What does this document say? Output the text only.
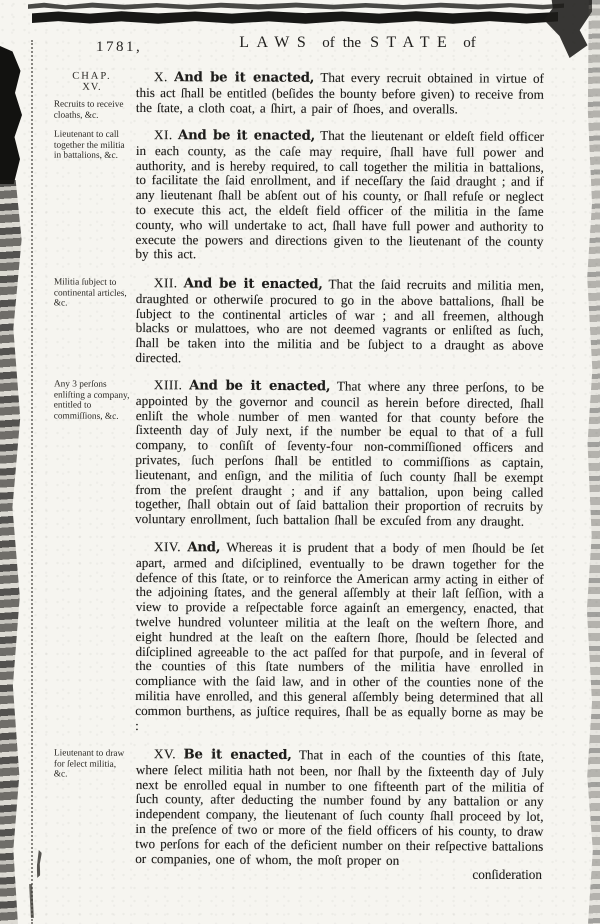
1781,	LAWS of the STATE of

CHAP.
XV.
Recruits to receive cloaths, &c.
X. And be it enacted, That every recruit obtained in virtue of this act ſhall be entitled (beſides the bounty before given) to receive from the ſtate, a cloth coat, a ſhirt, a pair of ſhoes, and overalls.

Lieutenant to call together the militia in battalions, &c.
XI. And be it enacted, That the lieutenant or eldeſt field officer in each county, as the caſe may require, ſhall have full power and authority, and is hereby required, to call together the militia in battalions, to facilitate the ſaid enrollment, and if neceſſary the ſaid draught ; and if any lieutenant ſhall be abſent out of his county, or ſhall refuſe or neglect to execute this act, the eldeſt field officer of the militia in the ſame county, who will undertake to act, ſhall have full power and authority to execute the powers and directions given to the lieutenant of the county by this act.

Militia ſubject to continental articles, &c.
XII. And be it enacted, That the ſaid recruits and militia men, draughted or otherwiſe procured to go in the above battalions, ſhall be ſubject to the continental articles of war ; and all freemen, although blacks or mulattoes, who are not deemed vagrants or enliſted as ſuch, ſhall be taken into the militia and be ſubject to a draught as above directed.

Any 3 perſons enliſting a company, entitled to commiſſions, &c.
XIII. And be it enacted, That where any three perſons, to be appointed by the governor and council as herein before directed, ſhall enliſt the whole number of men wanted for that county before the ſixteenth day of July next, if the number be equal to that of a full company, to conſiſt of ſeventy-four non-commiſſioned officers and privates, ſuch perſons ſhall be entitled to commiſſions as captain, lieutenant, and enſign, and the militia of ſuch county ſhall be exempt from the preſent draught ; and if any battalion, upon being called together, ſhall obtain out of ſaid battalion their proportion of recruits by voluntary enrollment, ſuch battalion ſhall be excuſed from any draught.

XIV. And, Whereas it is prudent that a body of men ſhould be ſet apart, armed and diſciplined, eventually to be drawn together for the defence of this ſtate, or to reinforce the American army acting in either of the adjoining ſtates, and the general aſſembly at their laſt ſeſſion, with a view to provide a reſpectable force againſt an emergency, enacted, that twelve hundred volunteer militia at the leaſt on the weſtern ſhore, and eight hundred at the leaſt on the eaſtern ſhore, ſhould be ſelected and diſciplined agreeable to the act paſſed for that purpoſe, and in ſeveral of the counties of this ſtate numbers of the militia have enrolled in compliance with the ſaid law, and in other of the counties none of the militia have enrolled, and this general aſſembly being determined that all common burthens, as juſtice requires, ſhall be as equally borne as may be :

Lieutenant to draw for ſelect militia, &c.
XV. Be it enacted, That in each of the counties of this ſtate, where ſelect militia hath not been, nor ſhall by the ſixteenth day of July next be enrolled equal in number to one fifteenth part of the militia of ſuch county, after deducting the number found by any battalion or any independent company, the lieutenant of ſuch county ſhall proceed by lot, in the preſence of two or more of the field officers of his county, to draw two perſons for each of the deficient number on their reſpective battalions or companies, one of whom, the moſt proper on

conſideration
